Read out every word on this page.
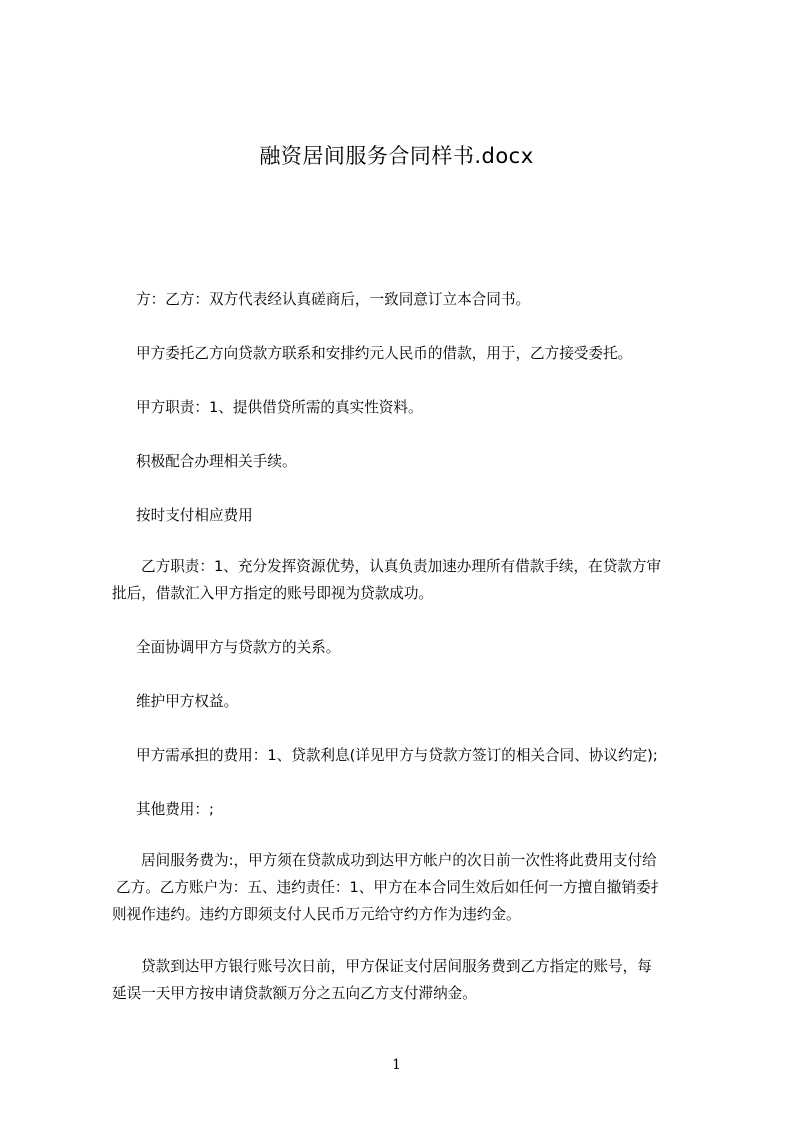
融资居间服务合同样书.docx
方：乙方：双方代表经认真磋商后，一致同意订立本合同书。
甲方委托乙方向贷款方联系和安排约元人民币的借款，用于，乙方接受委托。
甲方职责：1、提供借贷所需的真实性资料。
积极配合办理相关手续。
按时支付相应费用
乙方职责：1、充分发挥资源优势，认真负责加速办理所有借款手续，在贷款方审
批后，借款汇入甲方指定的账号即视为贷款成功。
全面协调甲方与贷款方的关系。
维护甲方权益。
甲方需承担的费用：1、贷款利息(详见甲方与贷款方签订的相关合同、协议约定);
其他费用：;
居间服务费为:，甲方须在贷款成功到达甲方帐户的次日前一次性将此费用支付给
乙方。乙方账户为：五、违约责任：1、甲方在本合同生效后如任何一方擅自撤销委扌
则视作违约。违约方即须支付人民币万元给守约方作为违约金。
贷款到达甲方银行账号次日前，甲方保证支付居间服务费到乙方指定的账号，每
延误一天甲方按申请贷款额万分之五向乙方支付滞纳金。
1
